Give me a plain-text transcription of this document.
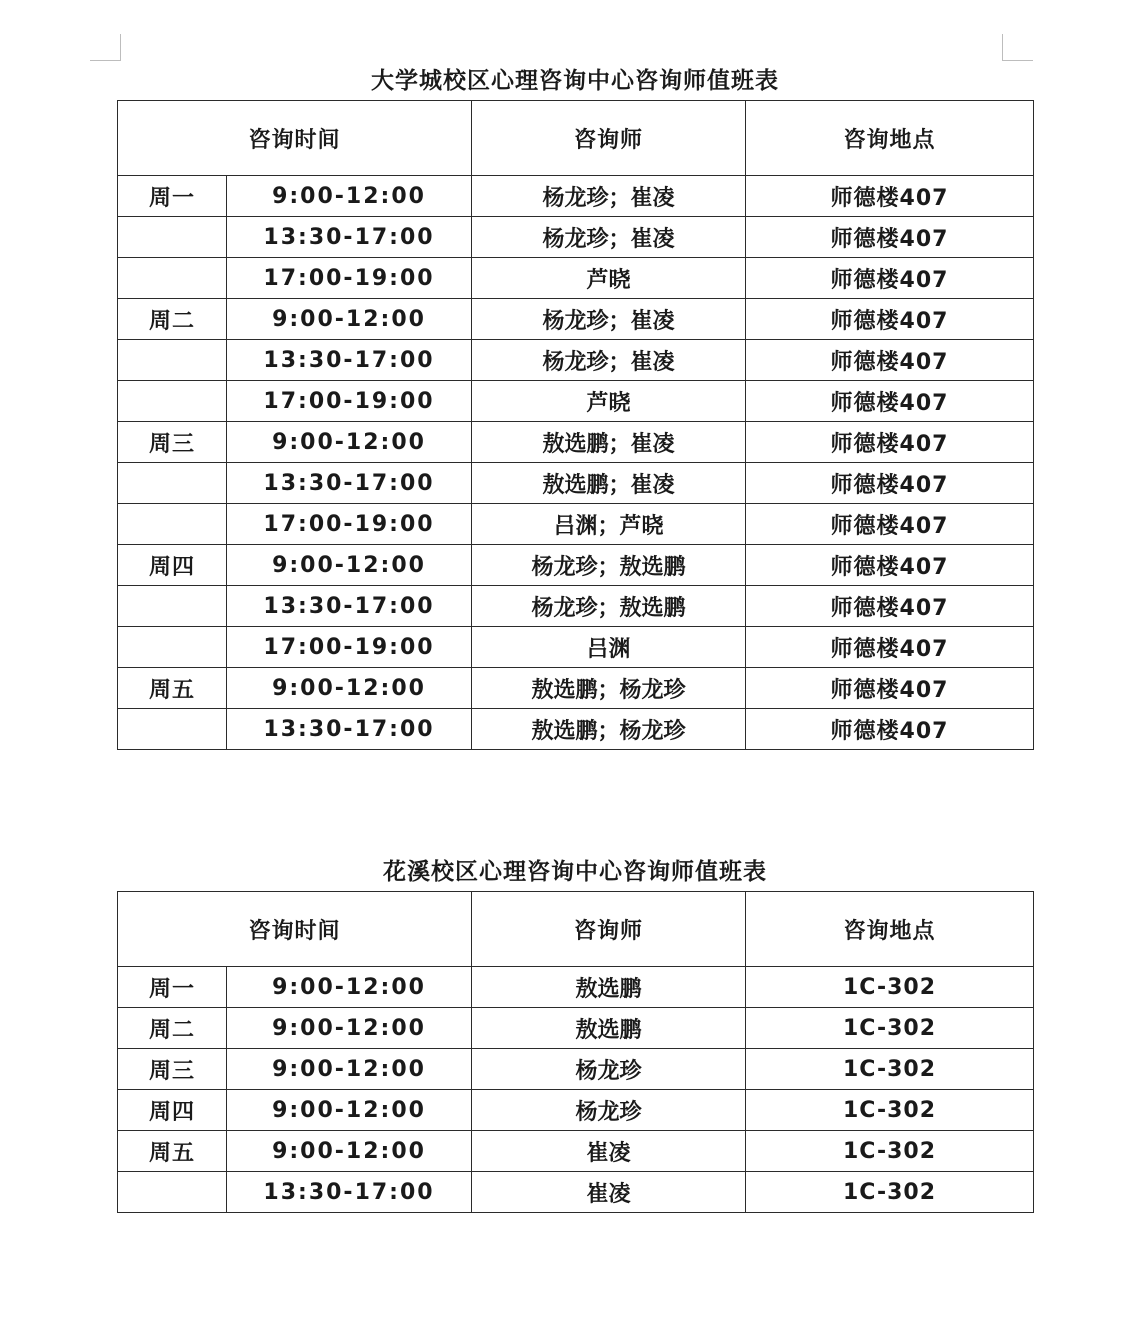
大学城校区心理咨询中心咨询师值班表
咨询时间		咨询师	咨询地点
周一	9:00-12:00	杨龙珍；崔凌	师德楼407
	13:30-17:00	杨龙珍；崔凌	师德楼407
	17:00-19:00	芦晓	师德楼407
周二	9:00-12:00	杨龙珍；崔凌	师德楼407
	13:30-17:00	杨龙珍；崔凌	师德楼407
	17:00-19:00	芦晓	师德楼407
周三	9:00-12:00	敖选鹏；崔凌	师德楼407
	13:30-17:00	敖选鹏；崔凌	师德楼407
	17:00-19:00	吕渊；芦晓	师德楼407
周四	9:00-12:00	杨龙珍；敖选鹏	师德楼407
	13:30-17:00	杨龙珍；敖选鹏	师德楼407
	17:00-19:00	吕渊	师德楼407
周五	9:00-12:00	敖选鹏；杨龙珍	师德楼407
	13:30-17:00	敖选鹏；杨龙珍	师德楼407
花溪校区心理咨询中心咨询师值班表
咨询时间		咨询师	咨询地点
周一	9:00-12:00	敖选鹏	1C-302
周二	9:00-12:00	敖选鹏	1C-302
周三	9:00-12:00	杨龙珍	1C-302
周四	9:00-12:00	杨龙珍	1C-302
周五	9:00-12:00	崔凌	1C-302
	13:30-17:00	崔凌	1C-302
